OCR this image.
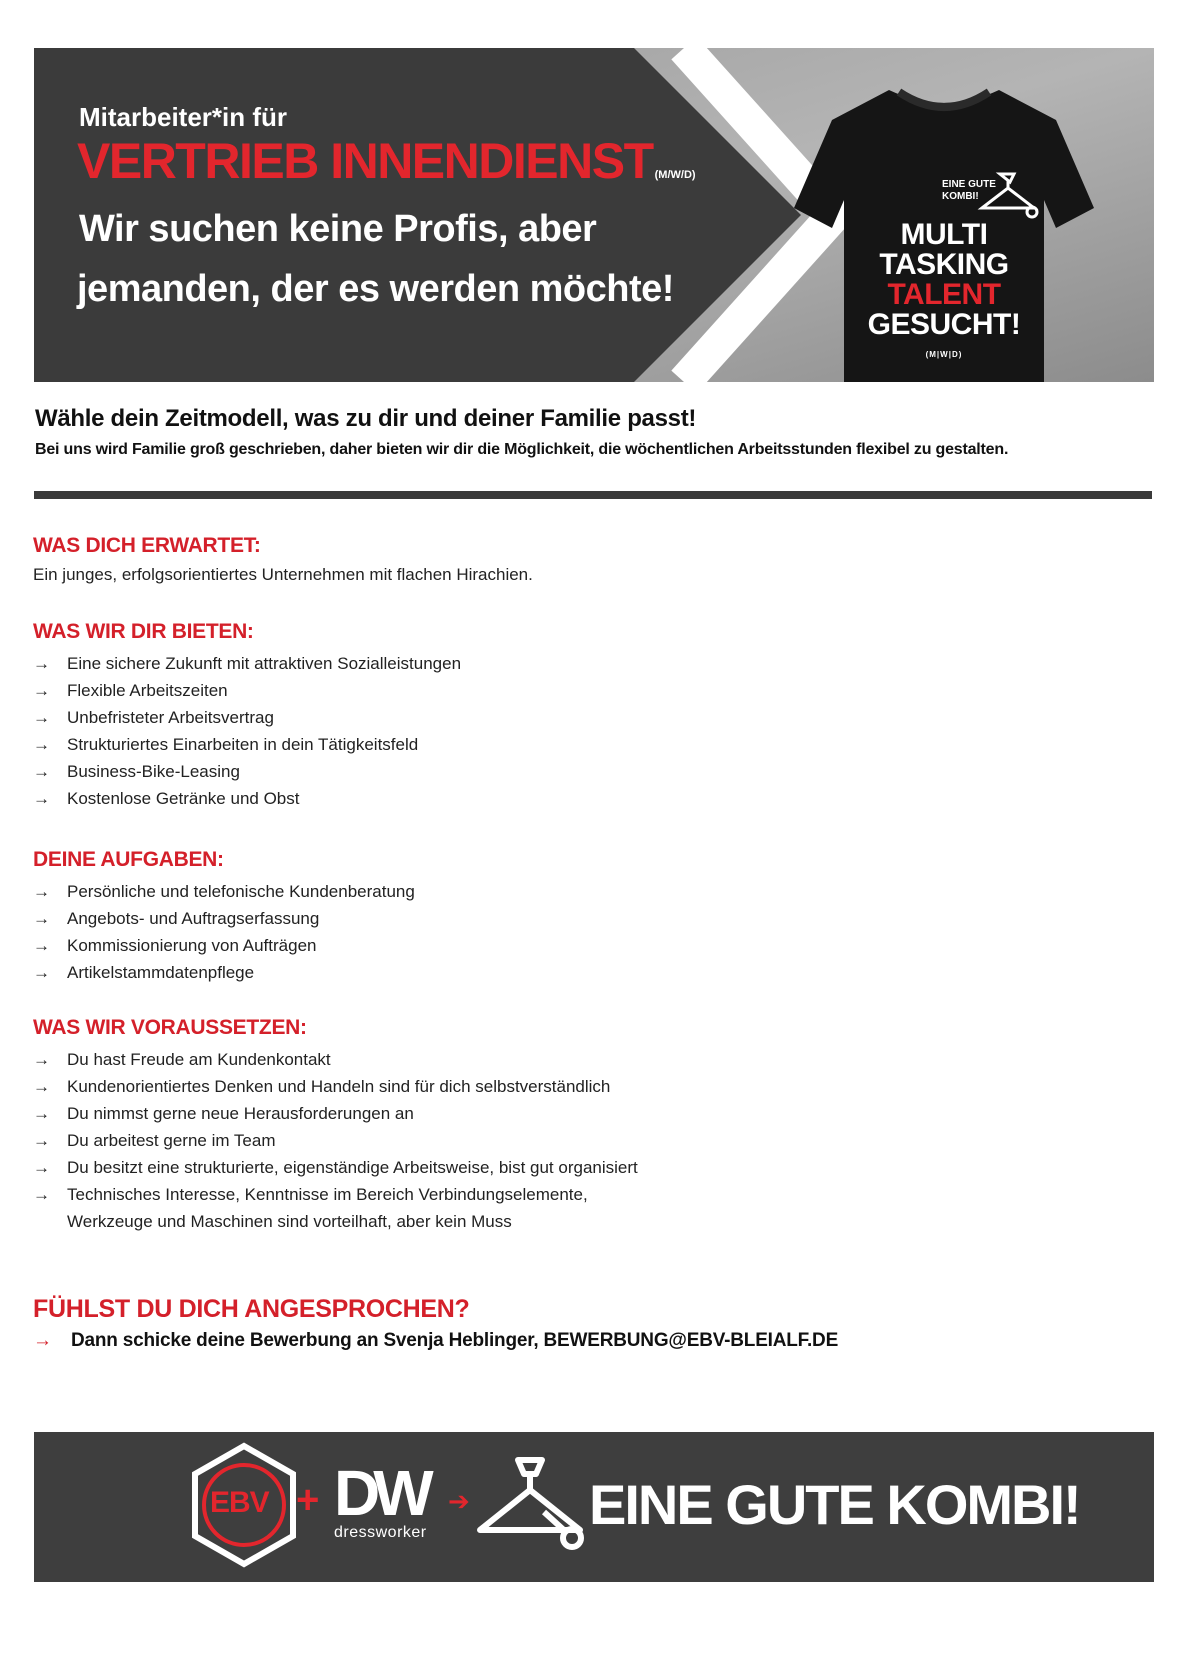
Mitarbeiter*in für
VERTRIEB INNENDIENST (M/W/D)
Wir suchen keine Profis, aber
jemanden, der es werden möchte!
EINE GUTE
KOMBI!
MULTI
TASKING
TALENT
GESUCHT!
(M|W|D)
Wähle dein Zeitmodell, was zu dir und deiner Familie passt!
Bei uns wird Familie groß geschrieben, daher bieten wir dir die Möglichkeit, die wöchentlichen Arbeitsstunden flexibel zu gestalten.
WAS DICH ERWARTET:
Ein junges, erfolgsorientiertes Unternehmen mit flachen Hirachien.
WAS WIR DIR BIETEN:
→ Eine sichere Zukunft mit attraktiven Sozialleistungen
→ Flexible Arbeitszeiten
→ Unbefristeter Arbeitsvertrag
→ Strukturiertes Einarbeiten in dein Tätigkeitsfeld
→ Business-Bike-Leasing
→ Kostenlose Getränke und Obst
DEINE AUFGABEN:
→ Persönliche und telefonische Kundenberatung
→ Angebots- und Auftragserfassung
→ Kommissionierung von Aufträgen
→ Artikelstammdatenpflege
WAS WIR VORAUSSETZEN:
→ Du hast Freude am Kundenkontakt
→ Kundenorientiertes Denken und Handeln sind für dich selbstverständlich
→ Du nimmst gerne neue Herausforderungen an
→ Du arbeitest gerne im Team
→ Du besitzt eine strukturierte, eigenständige Arbeitsweise, bist gut organisiert
→ Technisches Interesse, Kenntnisse im Bereich Verbindungselemente,
Werkzeuge und Maschinen sind vorteilhaft, aber kein Muss
FÜHLST DU DICH ANGESPROCHEN?
→ Dann schicke deine Bewerbung an Svenja Heblinger, BEWERBUNG@EBV-BLEIALF.DE
EBV + DW
dressworker
➔ EINE GUTE KOMBI!
